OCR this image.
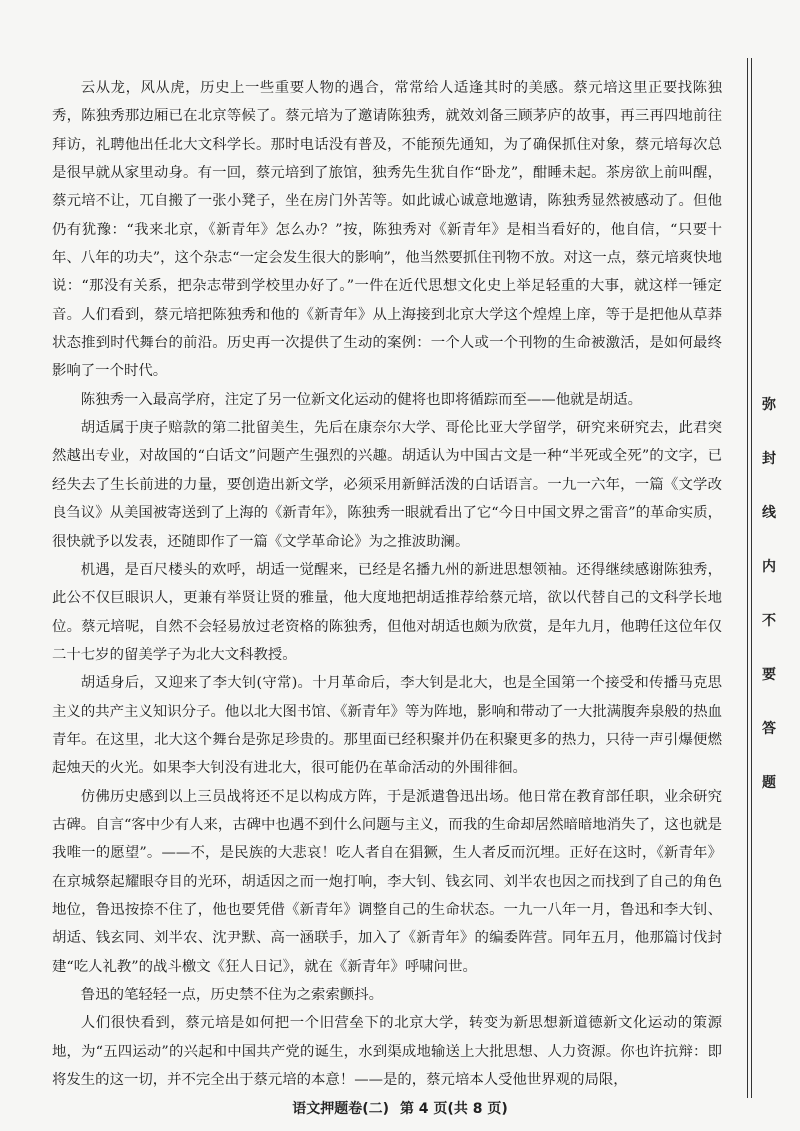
云从龙，风从虎，历史上一些重要人物的遇合，常常给人适逢其时的美感。蔡元培这里正要找陈独秀，陈独秀那边厢已在北京等候了。蔡元培为了邀请陈独秀，就效刘备三顾茅庐的故事，再三再四地前往拜访，礼聘他出任北大文科学长。那时电话没有普及，不能预先通知，为了确保抓住对象，蔡元培每次总是很早就从家里动身。有一回，蔡元培到了旅馆，独秀先生犹自作“卧龙”，酣睡未起。茶房欲上前叫醒，蔡元培不让，兀自搬了一张小凳子，坐在房门外苦等。如此诚心诚意地邀请，陈独秀显然被感动了。但他仍有犹豫：“我来北京，《新青年》怎么办？”按，陈独秀对《新青年》是相当看好的，他自信，“只要十年、八年的功夫”，这个杂志“一定会发生很大的影响”，他当然要抓住刊物不放。对这一点，蔡元培爽快地说：“那没有关系，把杂志带到学校里办好了。”一件在近代思想文化史上举足轻重的大事，就这样一锤定音。人们看到，蔡元培把陈独秀和他的《新青年》从上海接到北京大学这个煌煌上庠，等于是把他从草莽状态推到时代舞台的前沿。历史再一次提供了生动的案例：一个人或一个刊物的生命被激活，是如何最终影响了一个时代。

陈独秀一入最高学府，注定了另一位新文化运动的健将也即将循踪而至——他就是胡适。

胡适属于庚子赔款的第二批留美生，先后在康奈尔大学、哥伦比亚大学留学，研究来研究去，此君突然越出专业，对故国的“白话文”问题产生强烈的兴趣。胡适认为中国古文是一种“半死或全死”的文字，已经失去了生长前进的力量，要创造出新文学，必须采用新鲜活泼的白话语言。一九一六年，一篇《文学改良刍议》从美国被寄送到了上海的《新青年》，陈独秀一眼就看出了它“今日中国文界之雷音”的革命实质，很快就予以发表，还随即作了一篇《文学革命论》为之推波助澜。

机遇，是百尺楼头的欢呼，胡适一觉醒来，已经是名播九州的新进思想领袖。还得继续感谢陈独秀，此公不仅巨眼识人，更兼有举贤让贤的雅量，他大度地把胡适推荐给蔡元培，欲以代替自己的文科学长地位。蔡元培呢，自然不会轻易放过老资格的陈独秀，但他对胡适也颇为欣赏，是年九月，他聘任这位年仅二十七岁的留美学子为北大文科教授。

胡适身后，又迎来了李大钊(守常)。十月革命后，李大钊是北大，也是全国第一个接受和传播马克思主义的共产主义知识分子。他以北大图书馆、《新青年》等为阵地，影响和带动了一大批满腹奔泉般的热血青年。在这里，北大这个舞台是弥足珍贵的。那里面已经积聚并仍在积聚更多的热力，只待一声引爆便燃起烛天的火光。如果李大钊没有进北大，很可能仍在革命活动的外围徘徊。

仿佛历史感到以上三员战将还不足以构成方阵，于是派遣鲁迅出场。他日常在教育部任职，业余研究古碑。自言“客中少有人来，古碑中也遇不到什么问题与主义，而我的生命却居然暗暗地消失了，这也就是我唯一的愿望”。——不，是民族的大悲哀！吃人者自在猖獗，生人者反而沉埋。正好在这时，《新青年》在京城祭起耀眼夺目的光环，胡适因之而一炮打响，李大钊、钱玄同、刘半农也因之而找到了自己的角色地位，鲁迅按捺不住了，他也要凭借《新青年》调整自己的生命状态。一九一八年一月，鲁迅和李大钊、胡适、钱玄同、刘半农、沈尹默、高一涵联手，加入了《新青年》的编委阵营。同年五月，他那篇讨伐封建“吃人礼教”的战斗檄文《狂人日记》，就在《新青年》呼啸问世。

鲁迅的笔轻轻一点，历史禁不住为之索索颤抖。

人们很快看到，蔡元培是如何把一个旧营垒下的北京大学，转变为新思想新道德新文化运动的策源地，为“五四运动”的兴起和中国共产党的诞生，水到渠成地输送上大批思想、人力资源。你也许抗辩：即将发生的这一切，并不完全出于蔡元培的本意！——是的，蔡元培本人受他世界观的局限，

弥
封
线
内
不
要
答
题
语文押题卷(二) 第 4 页(共 8 页)
